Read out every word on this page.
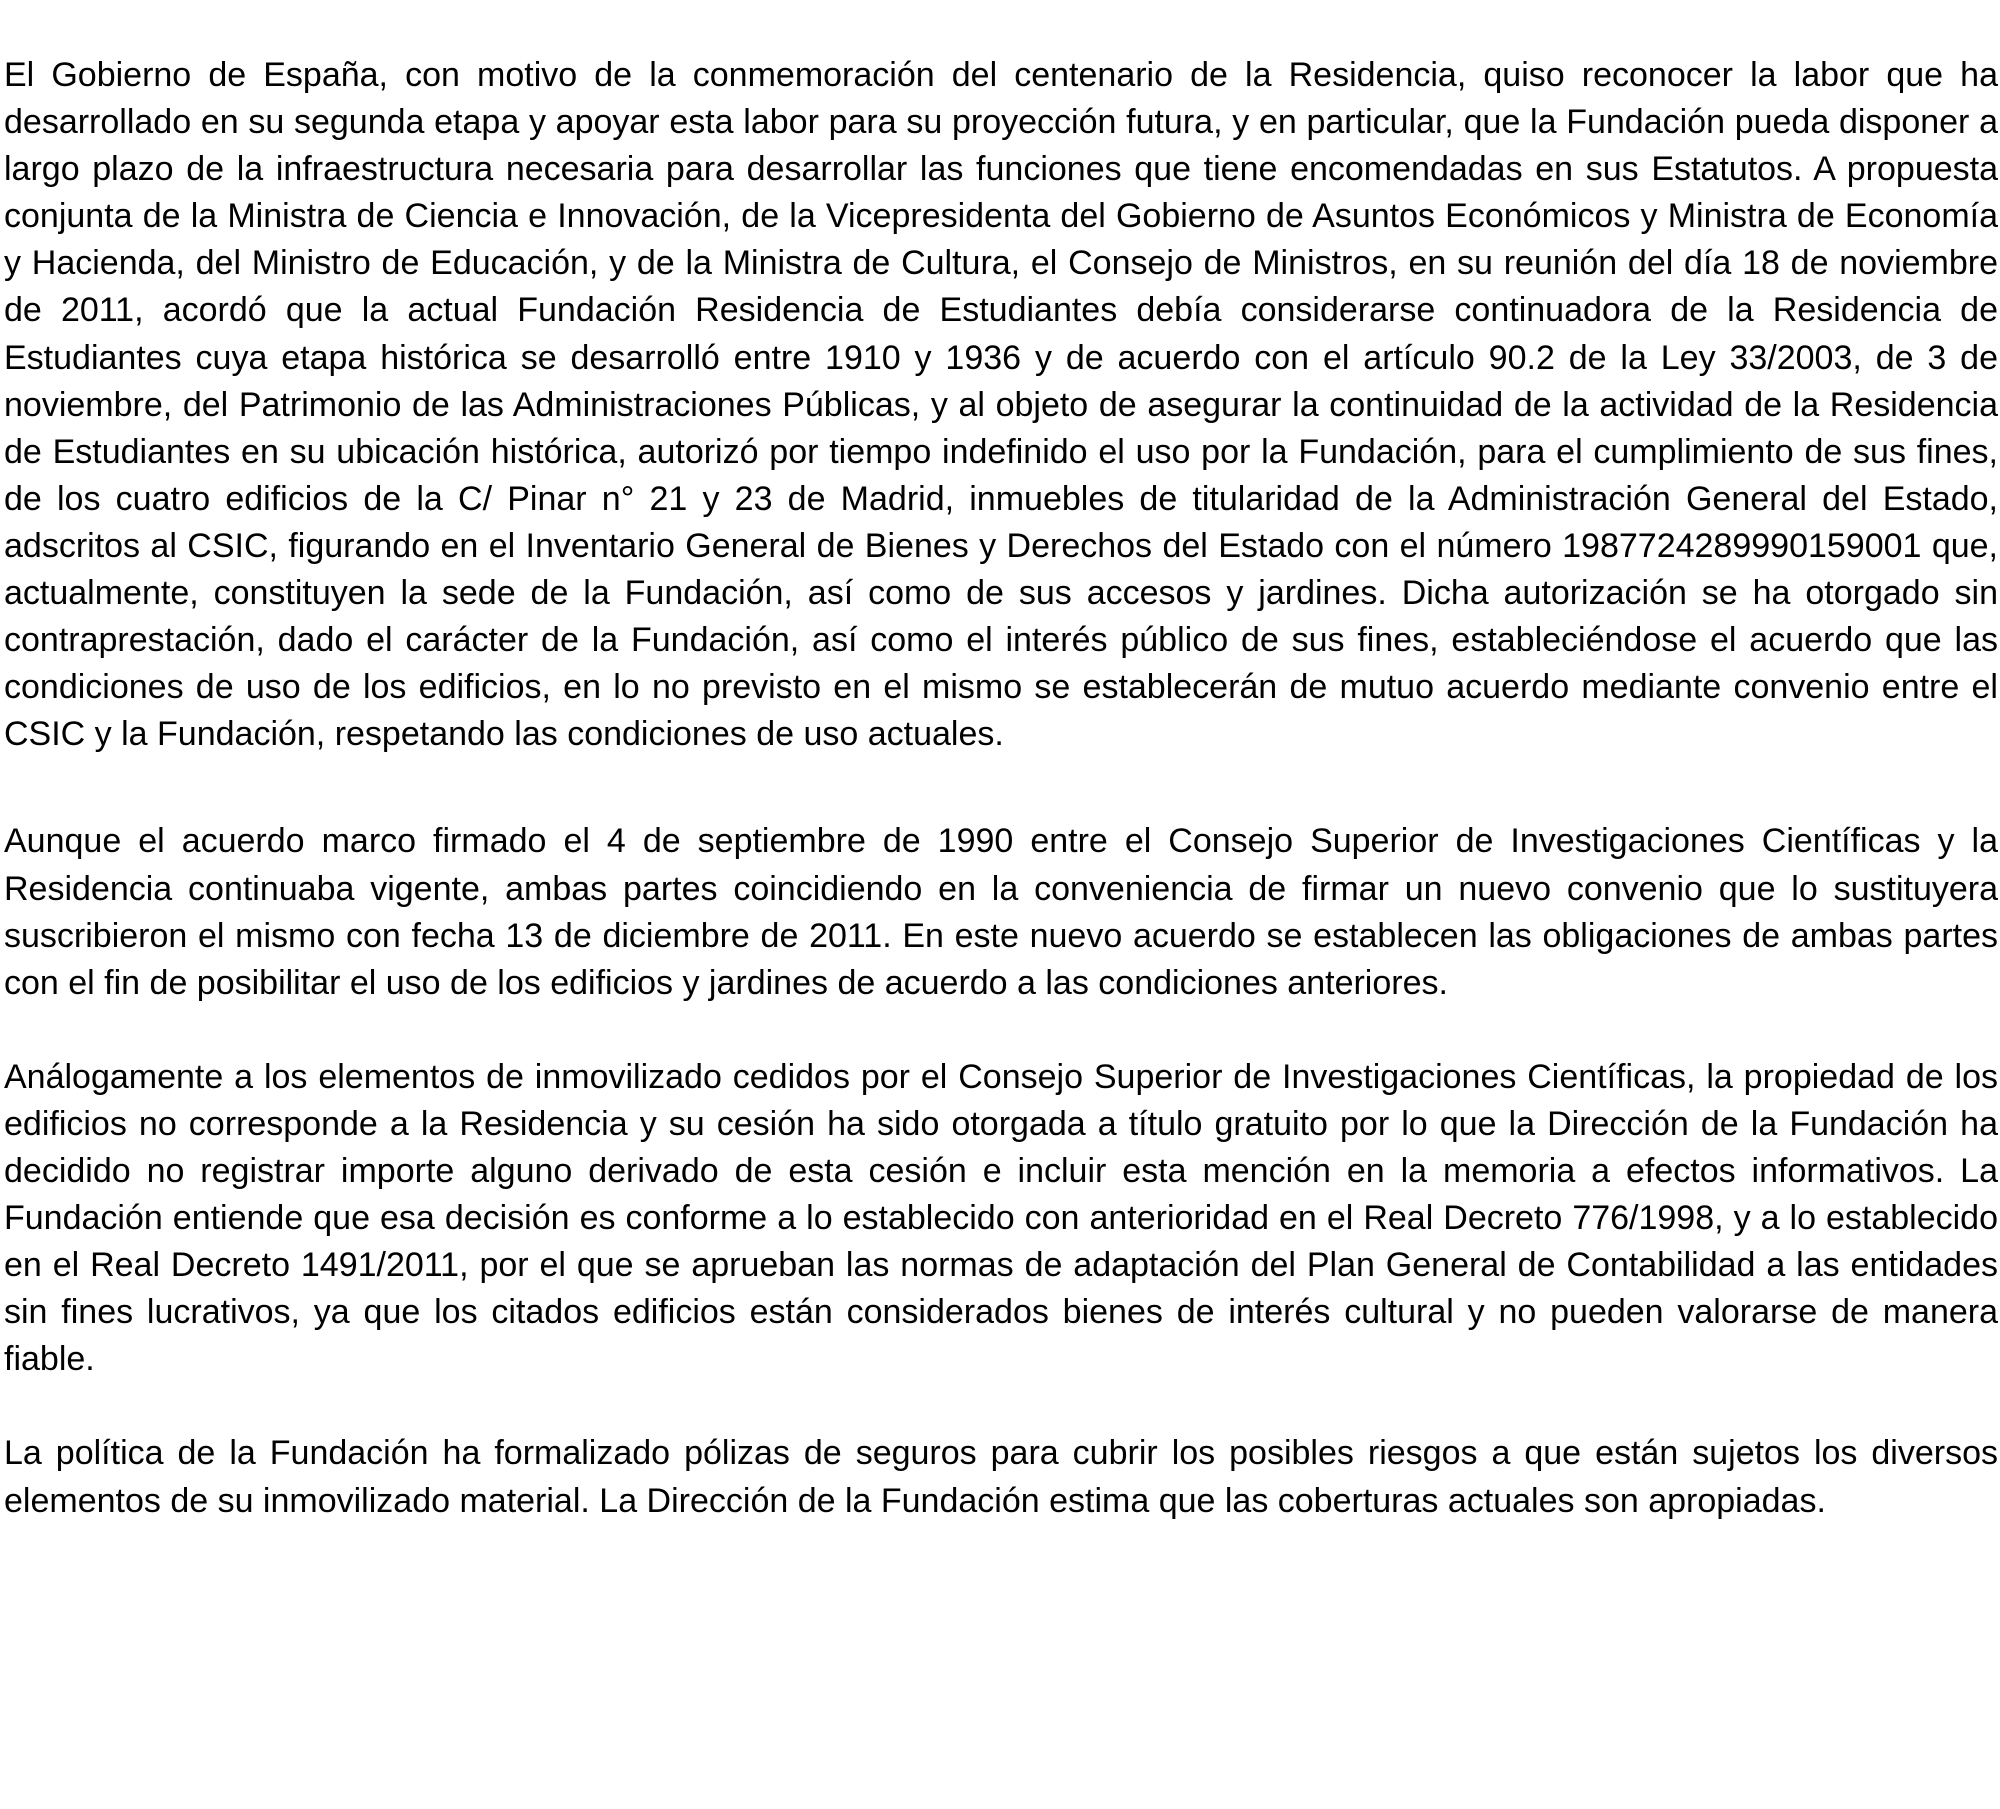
El Gobierno de España, con motivo de la conmemoración del centenario de la Residencia, quiso reconocer la labor que ha desarrollado en su segunda etapa y apoyar esta labor para su proyección futura, y en particular, que la Fundación pueda disponer a largo plazo de la infraestructura necesaria para desarrollar las funciones que tiene encomendadas en sus Estatutos. A propuesta conjunta de la Ministra de Ciencia e Innovación, de la Vicepresidenta del Gobierno de Asuntos Económicos y Ministra de Economía y Hacienda, del Ministro de Educación, y de la Ministra de Cultura, el Consejo de Ministros, en su reunión del día 18 de noviembre de 2011, acordó que la actual Fundación Residencia de Estudiantes debía considerarse continuadora de la Residencia de Estudiantes cuya etapa histórica se desarrolló entre 1910 y 1936 y de acuerdo con el artículo 90.2 de la Ley 33/2003, de 3 de noviembre, del Patrimonio de las Administraciones Públicas, y al objeto de asegurar la continuidad de la actividad de la Residencia de Estudiantes en su ubicación histórica, autorizó por tiempo indefinido el uso por la Fundación, para el cumplimiento de sus fines, de los cuatro edificios de la C/ Pinar n° 21 y 23 de Madrid, inmuebles de titularidad de la Administración General del Estado, adscritos al CSIC, figurando en el Inventario General de Bienes y Derechos del Estado con el número 1987724289990159001 que, actualmente, constituyen la sede de la Fundación, así como de sus accesos y jardines. Dicha autorización se ha otorgado sin contraprestación, dado el carácter de la Fundación, así como el interés público de sus fines, estableciéndose el acuerdo que las condiciones de uso de los edificios, en lo no previsto en el mismo se establecerán de mutuo acuerdo mediante convenio entre el CSIC y la Fundación, respetando las condiciones de uso actuales.

Aunque el acuerdo marco firmado el 4 de septiembre de 1990 entre el Consejo Superior de Investigaciones Científicas y la Residencia continuaba vigente, ambas partes coincidiendo en la conveniencia de firmar un nuevo convenio que lo sustituyera suscribieron el mismo con fecha 13 de diciembre de 2011. En este nuevo acuerdo se establecen las obligaciones de ambas partes con el fin de posibilitar el uso de los edificios y jardines de acuerdo a las condiciones anteriores.

Análogamente a los elementos de inmovilizado cedidos por el Consejo Superior de Investigaciones Científicas, la propiedad de los edificios no corresponde a la Residencia y su cesión ha sido otorgada a título gratuito por lo que la Dirección de la Fundación ha decidido no registrar importe alguno derivado de esta cesión e incluir esta mención en la memoria a efectos informativos. La Fundación entiende que esa decisión es conforme a lo establecido con anterioridad en el Real Decreto 776/1998, y a lo establecido en el Real Decreto 1491/2011, por el que se aprueban las normas de adaptación del Plan General de Contabilidad a las entidades sin fines lucrativos, ya que los citados edificios están considerados bienes de interés cultural y no pueden valorarse de manera fiable.

La política de la Fundación ha formalizado pólizas de seguros para cubrir los posibles riesgos a que están sujetos los diversos elementos de su inmovilizado material. La Dirección de la Fundación estima que las coberturas actuales son apropiadas.
